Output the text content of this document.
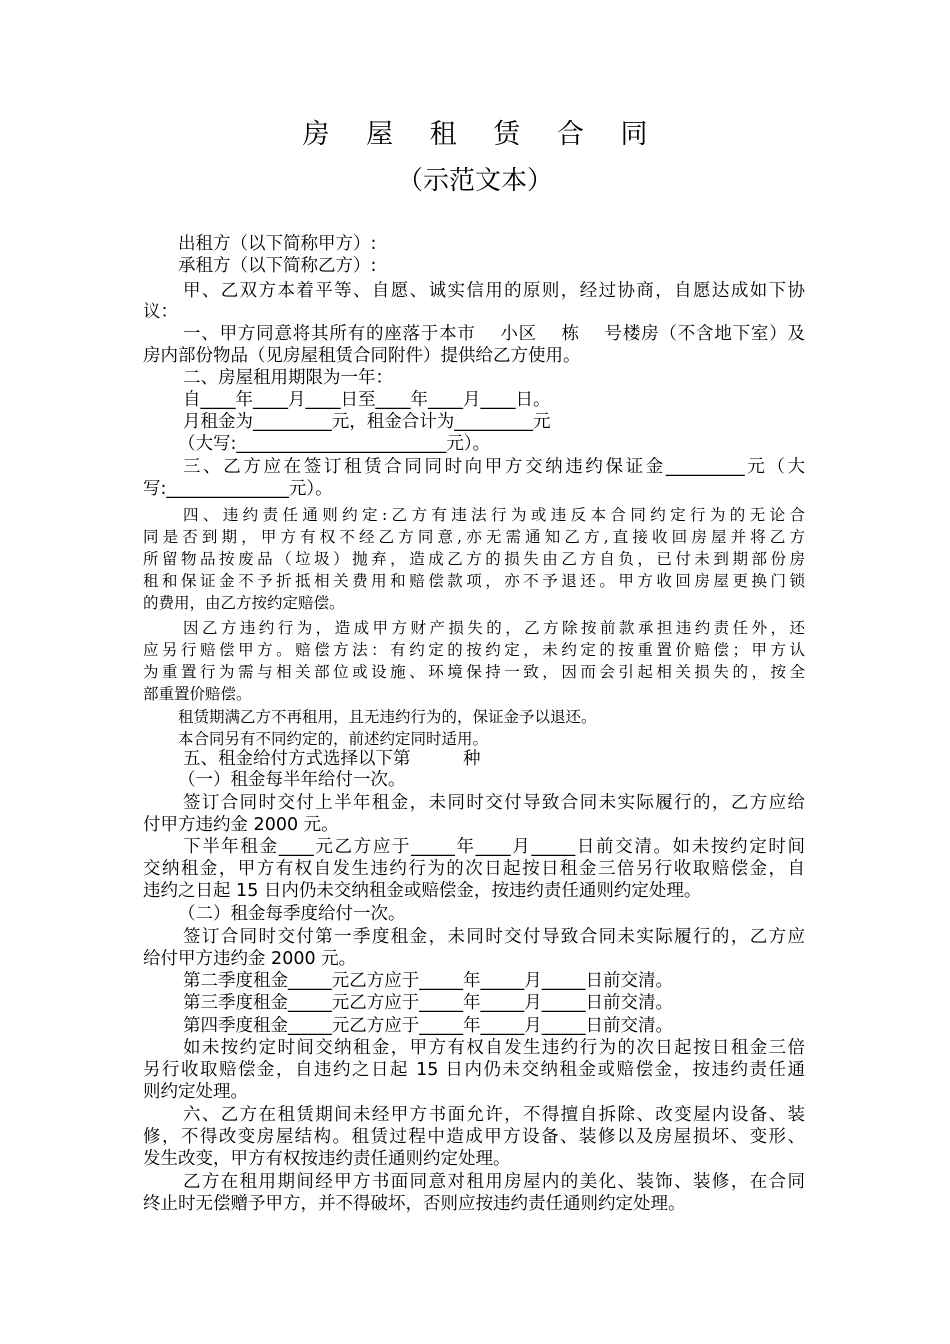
房 屋 租 赁 合 同
（示范文本）
出租方（以下简称甲方）:
承租方（以下简称乙方）:
甲、乙双方本着平等、自愿、诚实信用的原则，经过协商，自愿达成如下协
议：
一、甲方同意将其所有的座落于本市　 小区　 栋　 号楼房（不含地下室）及
房内部份物品（见房屋租赁合同附件）提供给乙方使用。
二、房屋租用期限为一年：
自____年____月____日至____年____月____日。
月租金为_________元，租金合计为_________元
（大写:________________________元）。
三、乙方应在签订租赁合同同时向甲方交纳违约保证金_________元（大
写:______________元）。
四、违约责任通则约定:乙方有违法行为或违反本合同约定行为的无论合
同是否到期，甲方有权不经乙方同意,亦无需通知乙方,直接收回房屋并将乙方
所留物品按废品（垃圾）抛弃，造成乙方的损失由乙方自负，已付未到期部份房
租和保证金不予折抵相关费用和赔偿款项，亦不予退还。甲方收回房屋更换门锁
的费用，由乙方按约定赔偿。
因乙方违约行为，造成甲方财产损失的，乙方除按前款承担违约责任外，还
应另行赔偿甲方。赔偿方法：有约定的按约定，未约定的按重置价赔偿；甲方认
为重置行为需与相关部位或设施、环境保持一致，因而会引起相关损失的，按全
部重置价赔偿。
租赁期满乙方不再租用，且无违约行为的，保证金予以退还。
本合同另有不同约定的，前述约定同时适用。
五、租金给付方式选择以下第　　　种
（一）租金每半年给付一次。
签订合同时交付上半年租金，未同时交付导致合同未实际履行的，乙方应给
付甲方违约金 2000 元。
下半年租金____元乙方应于_____年____月_____日前交清。如未按约定时间
交纳租金，甲方有权自发生违约行为的次日起按日租金三倍另行收取赔偿金，自
违约之日起 15 日内仍未交纳租金或赔偿金，按违约责任通则约定处理。
（二）租金每季度给付一次。
签订合同时交付第一季度租金，未同时交付导致合同未实际履行的，乙方应
给付甲方违约金 2000 元。
第二季度租金_____元乙方应于_____年_____月_____日前交清。
第三季度租金_____元乙方应于_____年_____月_____日前交清。
第四季度租金_____元乙方应于_____年_____月_____日前交清。
如未按约定时间交纳租金，甲方有权自发生违约行为的次日起按日租金三倍
另行收取赔偿金，自违约之日起 15 日内仍未交纳租金或赔偿金，按违约责任通
则约定处理。
六、乙方在租赁期间未经甲方书面允许，不得擅自拆除、改变屋内设备、装
修，不得改变房屋结构。租赁过程中造成甲方设备、装修以及房屋损坏、变形、
发生改变，甲方有权按违约责任通则约定处理。
乙方在租用期间经甲方书面同意对租用房屋内的美化、装饰、装修，在合同
终止时无偿赠予甲方，并不得破坏，否则应按违约责任通则约定处理。
